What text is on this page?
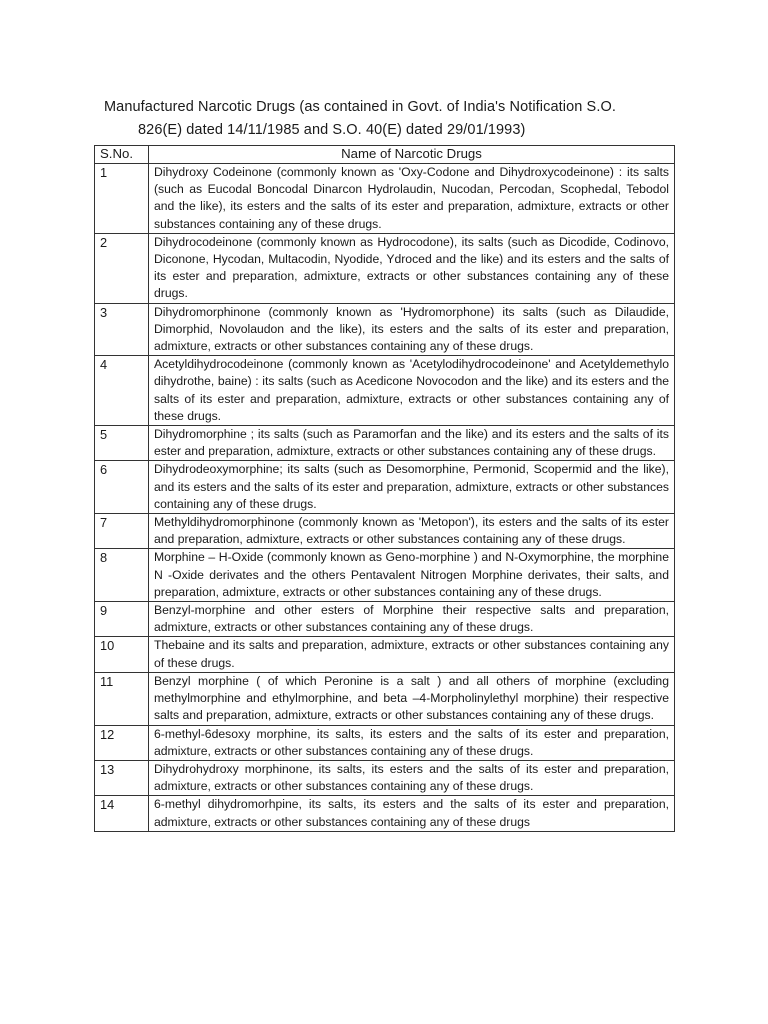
Manufactured Narcotic Drugs (as contained in Govt. of India's Notification S.O.
826(E) dated 14/11/1985 and S.O. 40(E) dated 29/01/1993)
S.No.	Name of Narcotic Drugs
1	Dihydroxy Codeinone (commonly known as 'Oxy-Codone and Dihydroxycodeinone) : its salts (such as Eucodal Boncodal Dinarcon Hydrolaudin, Nucodan, Percodan, Scophedal, Tebodol and the like), its esters and the salts of its ester and preparation, admixture, extracts or other substances containing any of these drugs.
2	Dihydrocodeinone (commonly known as Hydrocodone), its salts (such as Dicodide, Codinovo, Diconone, Hycodan, Multacodin, Nyodide, Ydroced and the like) and its esters and the salts of its ester and preparation, admixture, extracts or other substances containing any of these drugs.
3	Dihydromorphinone (commonly known as 'Hydromorphone) its salts (such as Dilaudide, Dimorphid, Novolaudon and the like), its esters and the salts of its ester and preparation, admixture, extracts or other substances containing any of these drugs.
4	Acetyldihydrocodeinone (commonly known as 'Acetylodihydrocodeinone' and Acetyldemethylo dihydrothe, baine) : its salts (such as Acedicone Novocodon and the like) and its esters and the salts of its ester and preparation, admixture, extracts or other substances containing any of these drugs.
5	Dihydromorphine ; its salts (such as Paramorfan and the like) and its esters and the salts of its ester and preparation, admixture, extracts or other substances containing any of these drugs.
6	Dihydrodeoxymorphine; its salts (such as Desomorphine, Permonid, Scopermid and the like), and its esters and the salts of its ester and preparation, admixture, extracts or other substances containing any of these drugs.
7	Methyldihydromorphinone (commonly known as 'Metopon'), its esters and the salts of its ester and preparation, admixture, extracts or other substances containing any of these drugs.
8	Morphine – H-Oxide (commonly known as Geno-morphine ) and N-Oxymorphine, the morphine N -Oxide derivates and the others Pentavalent Nitrogen Morphine derivates, their salts, and preparation, admixture, extracts or other substances containing any of these drugs.
9	Benzyl-morphine and other esters of Morphine their respective salts and preparation, admixture, extracts or other substances containing any of these drugs.
10	Thebaine and its salts and preparation, admixture, extracts or other substances containing any of these drugs.
11	Benzyl morphine ( of which Peronine is a salt ) and all others of morphine (excluding methylmorphine and ethylmorphine, and beta –4-Morpholinylethyl morphine) their respective salts and preparation, admixture, extracts or other substances containing any of these drugs.
12	6-methyl-6desoxy morphine, its salts, its esters and the salts of its ester and preparation, admixture, extracts or other substances containing any of these drugs.
13	Dihydrohydroxy morphinone, its salts, its esters and the salts of its ester and preparation, admixture, extracts or other substances containing any of these drugs.
14	6-methyl dihydromorhpine, its salts, its esters and the salts of its ester and preparation, admixture, extracts or other substances containing any of these drugs
